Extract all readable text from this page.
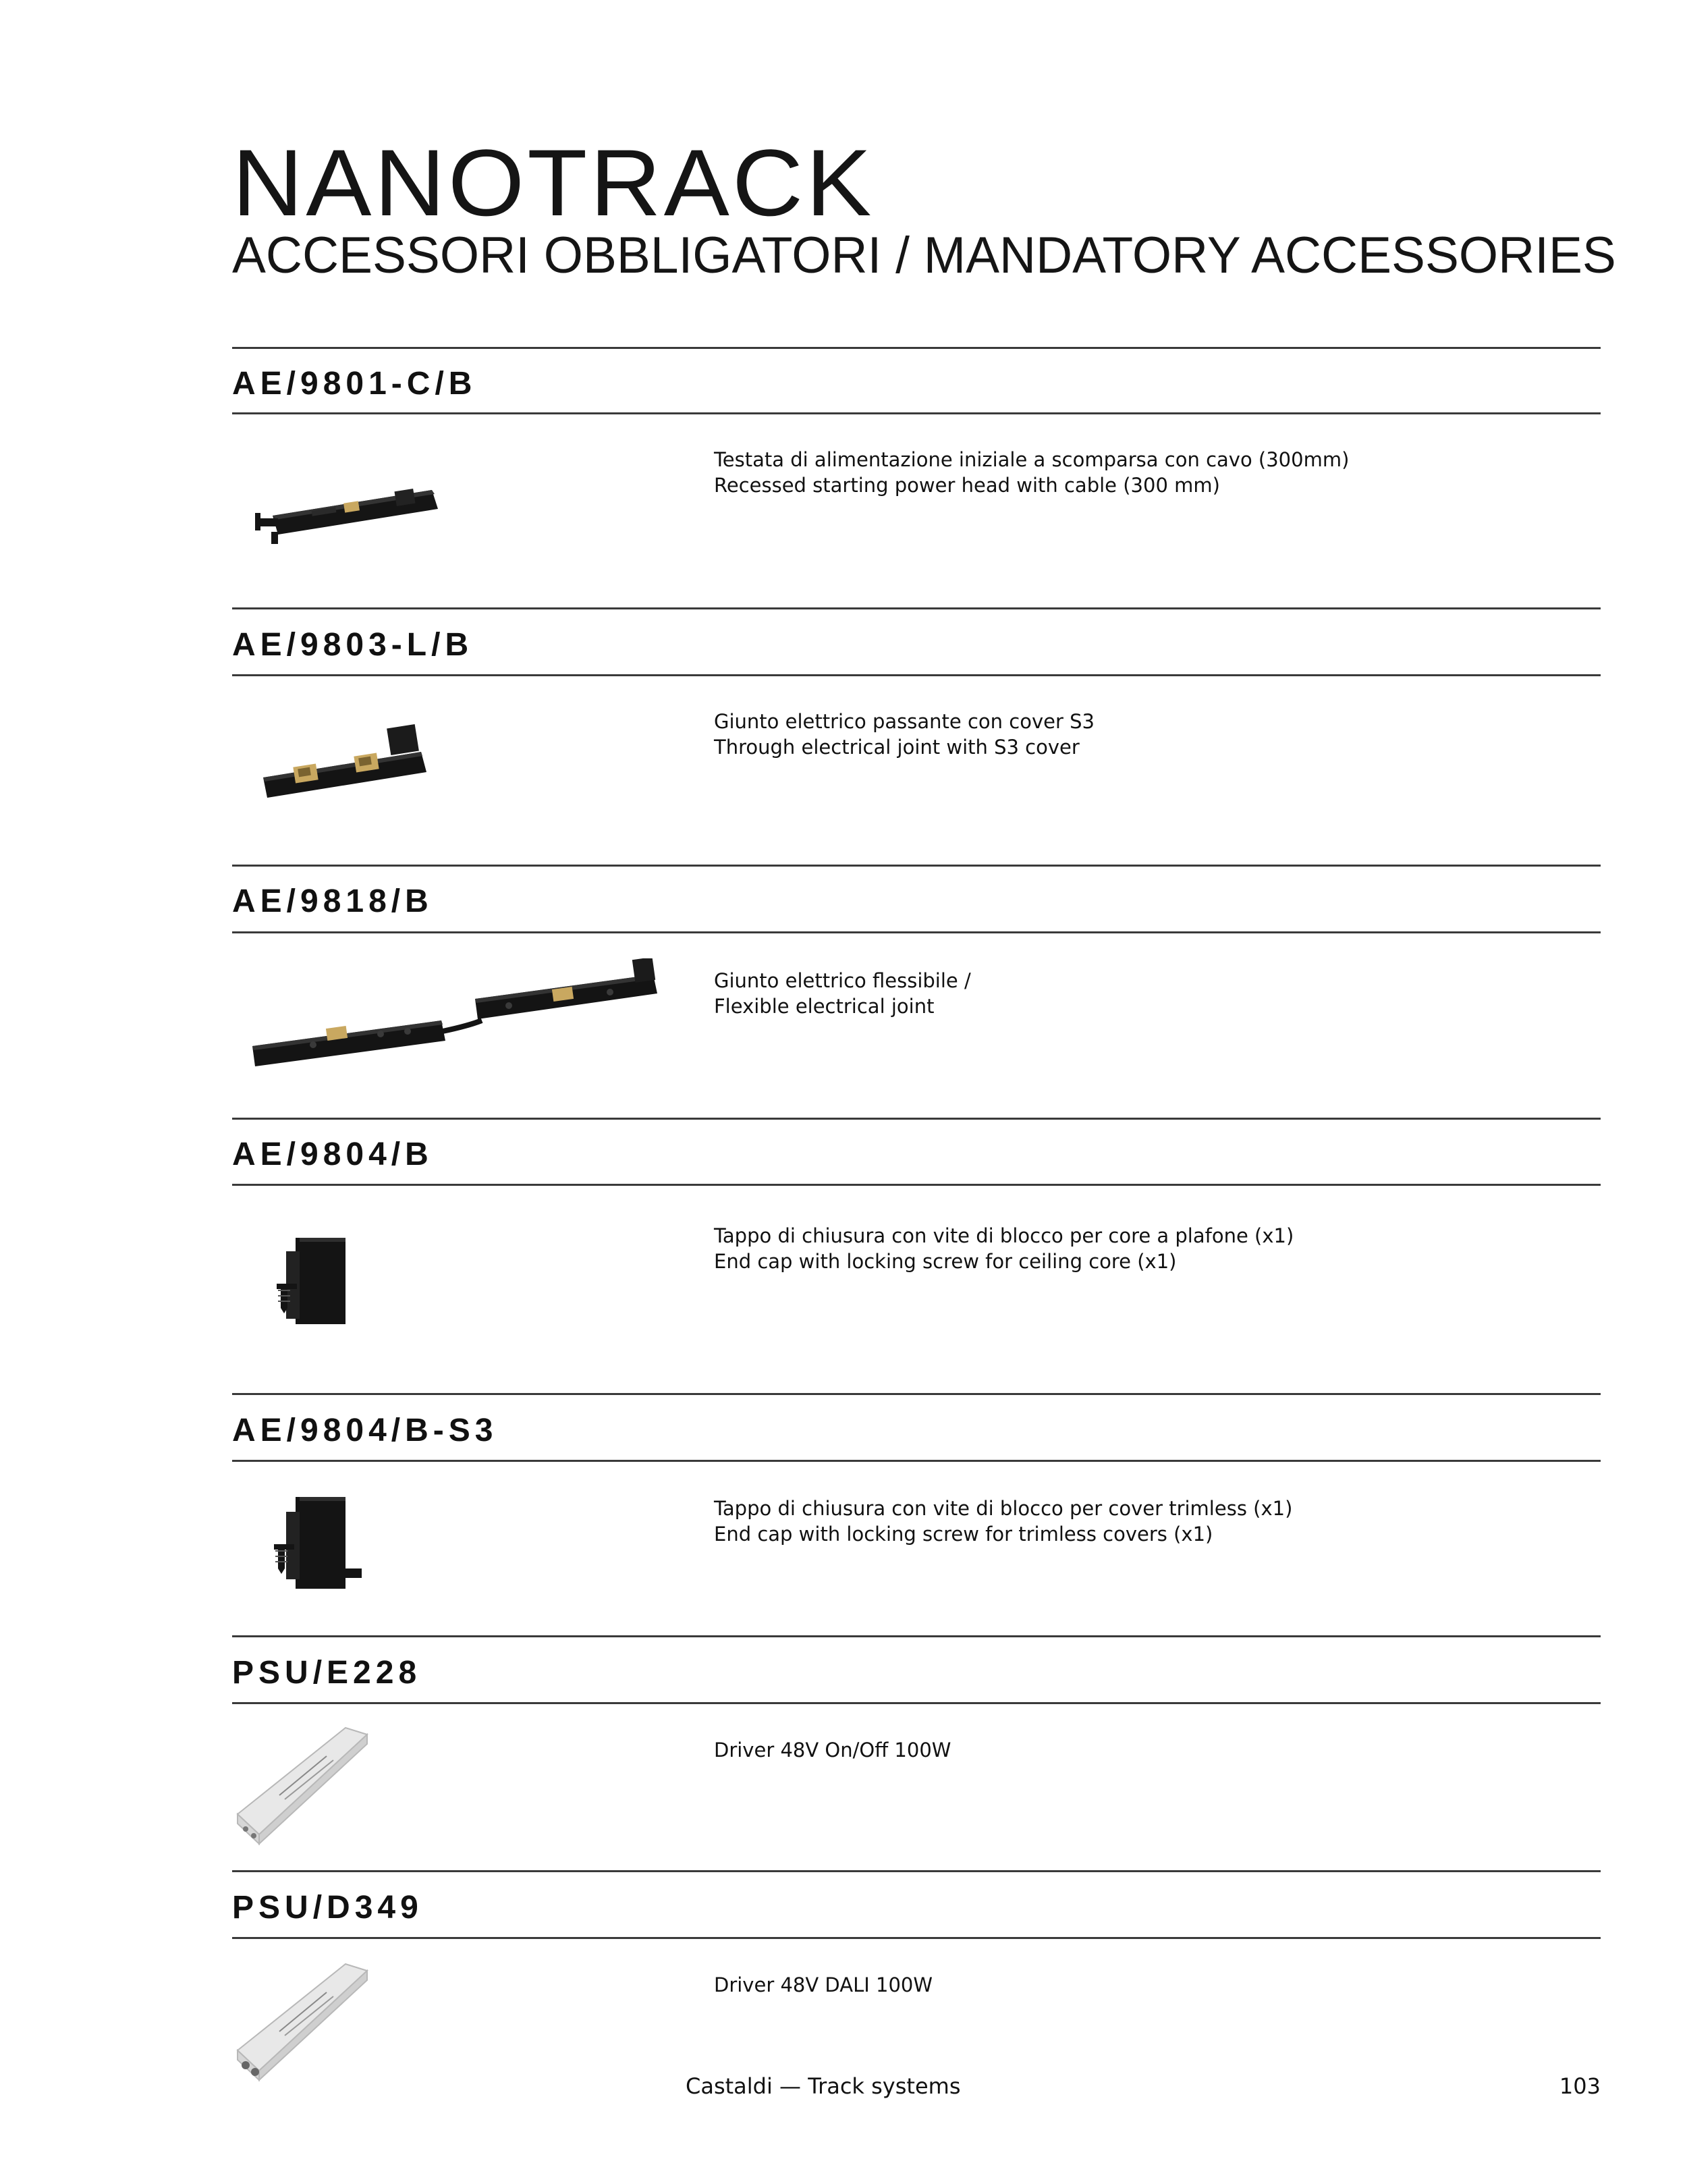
NANOTRACK
ACCESSORI OBBLIGATORI / MANDATORY ACCESSORIES
AE/9801-C/B
Testata di alimentazione iniziale a scomparsa con cavo (300mm)
Recessed starting power head with cable (300 mm)
AE/9803-L/B
Giunto elettrico passante con cover S3
Through electrical joint with S3 cover
AE/9818/B
Giunto elettrico flessibile /
Flexible electrical joint
AE/9804/B
Tappo di chiusura con vite di blocco per core a plafone (x1)
End cap with locking screw for ceiling core (x1)
AE/9804/B-S3
Tappo di chiusura con vite di blocco per cover trimless (x1)
End cap with locking screw for trimless covers (x1)
PSU/E228
Driver 48V On/Off 100W
PSU/D349
Driver 48V DALI 100W
Castaldi — Track systems	103
